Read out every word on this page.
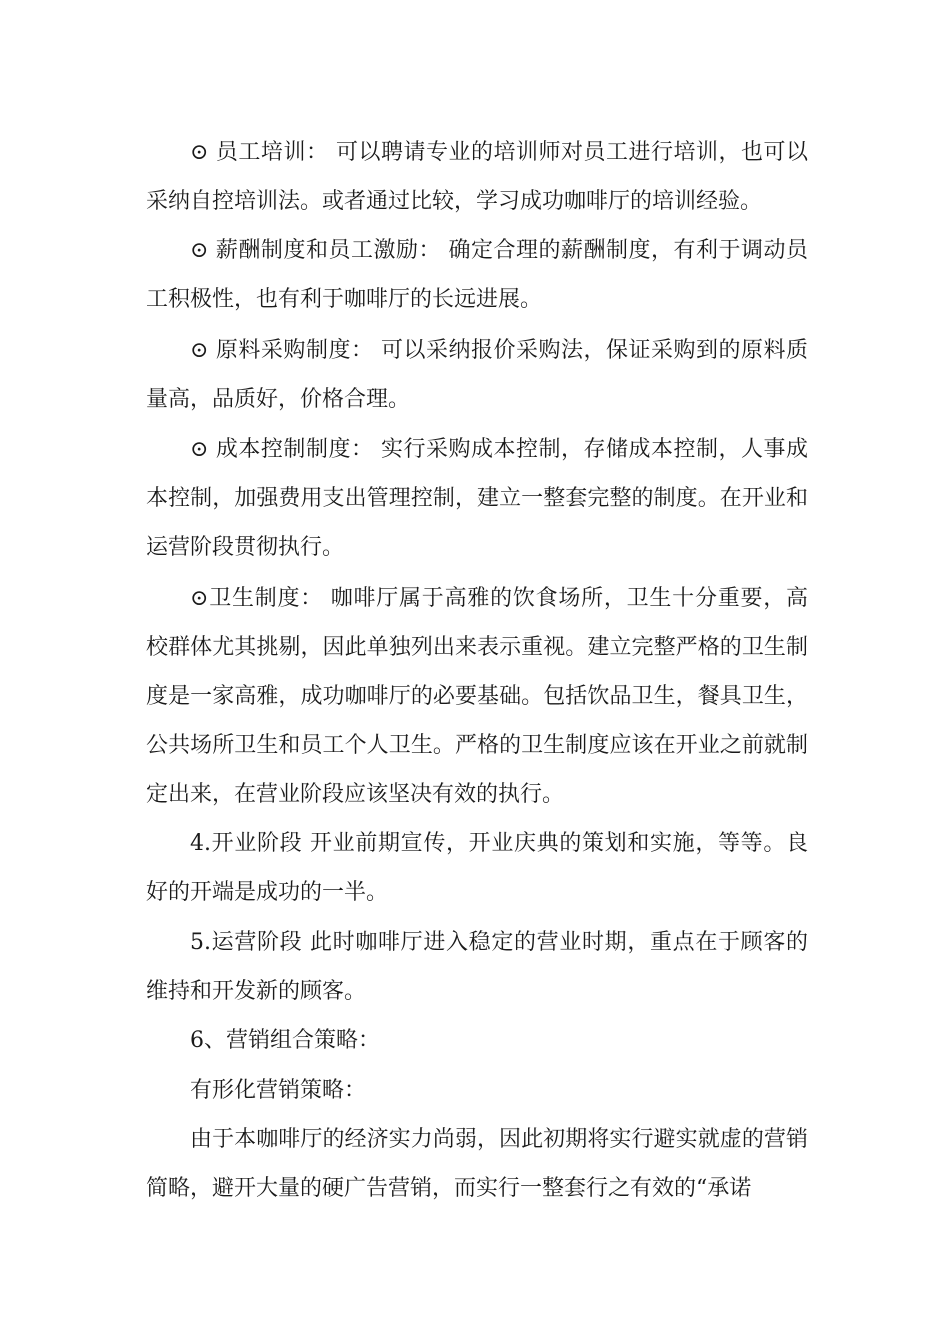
⊙ 员工培训： 可以聘请专业的培训师对员工进行培训，也可以采纳自控培训法。或者通过比较，学习成功咖啡厅的培训经验。

⊙ 薪酬制度和员工激励： 确定合理的薪酬制度，有利于调动员工积极性，也有利于咖啡厅的长远进展。

⊙ 原料采购制度： 可以采纳报价采购法，保证采购到的原料质量高，品质好，价格合理。

⊙ 成本控制制度： 实行采购成本控制，存储成本控制，人事成本控制，加强费用支出管理控制，建立一整套完整的制度。在开业和运营阶段贯彻执行。

⊙卫生制度： 咖啡厅属于高雅的饮食场所，卫生十分重要，高校群体尤其挑剔，因此单独列出来表示重视。建立完整严格的卫生制度是一家高雅，成功咖啡厅的必要基础。包括饮品卫生，餐具卫生，公共场所卫生和员工个人卫生。严格的卫生制度应该在开业之前就制定出来，在营业阶段应该坚决有效的执行。

4.开业阶段 开业前期宣传，开业庆典的策划和实施，等等。良好的开端是成功的一半。

5.运营阶段 此时咖啡厅进入稳定的营业时期，重点在于顾客的维持和开发新的顾客。

6、营销组合策略：

有形化营销策略：

由于本咖啡厅的经济实力尚弱，因此初期将实行避实就虚的营销简略，避开大量的硬广告营销，而实行一整套行之有效的“承诺
